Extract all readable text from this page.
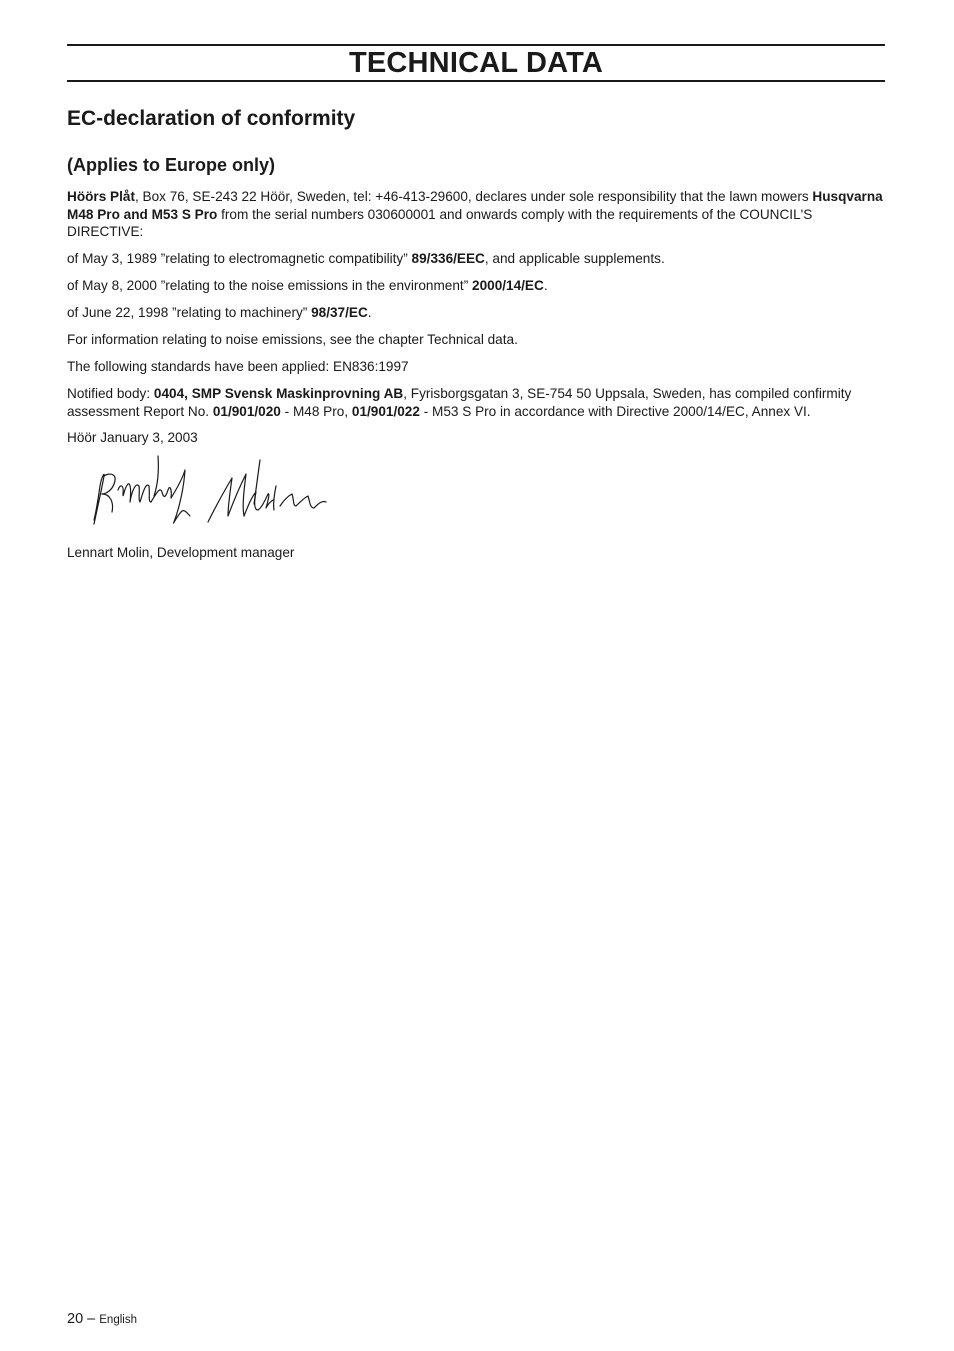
TECHNICAL DATA
EC-declaration of conformity
(Applies to Europe only)

Höörs Plåt, Box 76, SE-243 22 Höör, Sweden, tel: +46-413-29600, declares under sole responsibility that the lawn mowers Husqvarna M48 Pro and M53 S Pro from the serial numbers 030600001 and onwards comply with the requirements of the COUNCIL'S DIRECTIVE:

of May 3, 1989 ”relating to electromagnetic compatibility” 89/336/EEC, and applicable supplements.

of May 8, 2000 ”relating to the noise emissions in the environment” 2000/14/EC.

of June 22, 1998 ”relating to machinery” 98/37/EC.

For information relating to noise emissions, see the chapter Technical data.

The following standards have been applied: EN836:1997

Notified body: 0404, SMP Svensk Maskinprovning AB, Fyrisborgsgatan 3, SE-754 50 Uppsala, Sweden, has compiled confirmity assessment Report No. 01/901/020 - M48 Pro, 01/901/022 - M53 S Pro in accordance with Directive 2000/14/EC, Annex VI.

Höör January 3, 2003

Lennart Molin, Development manager

20 – English
